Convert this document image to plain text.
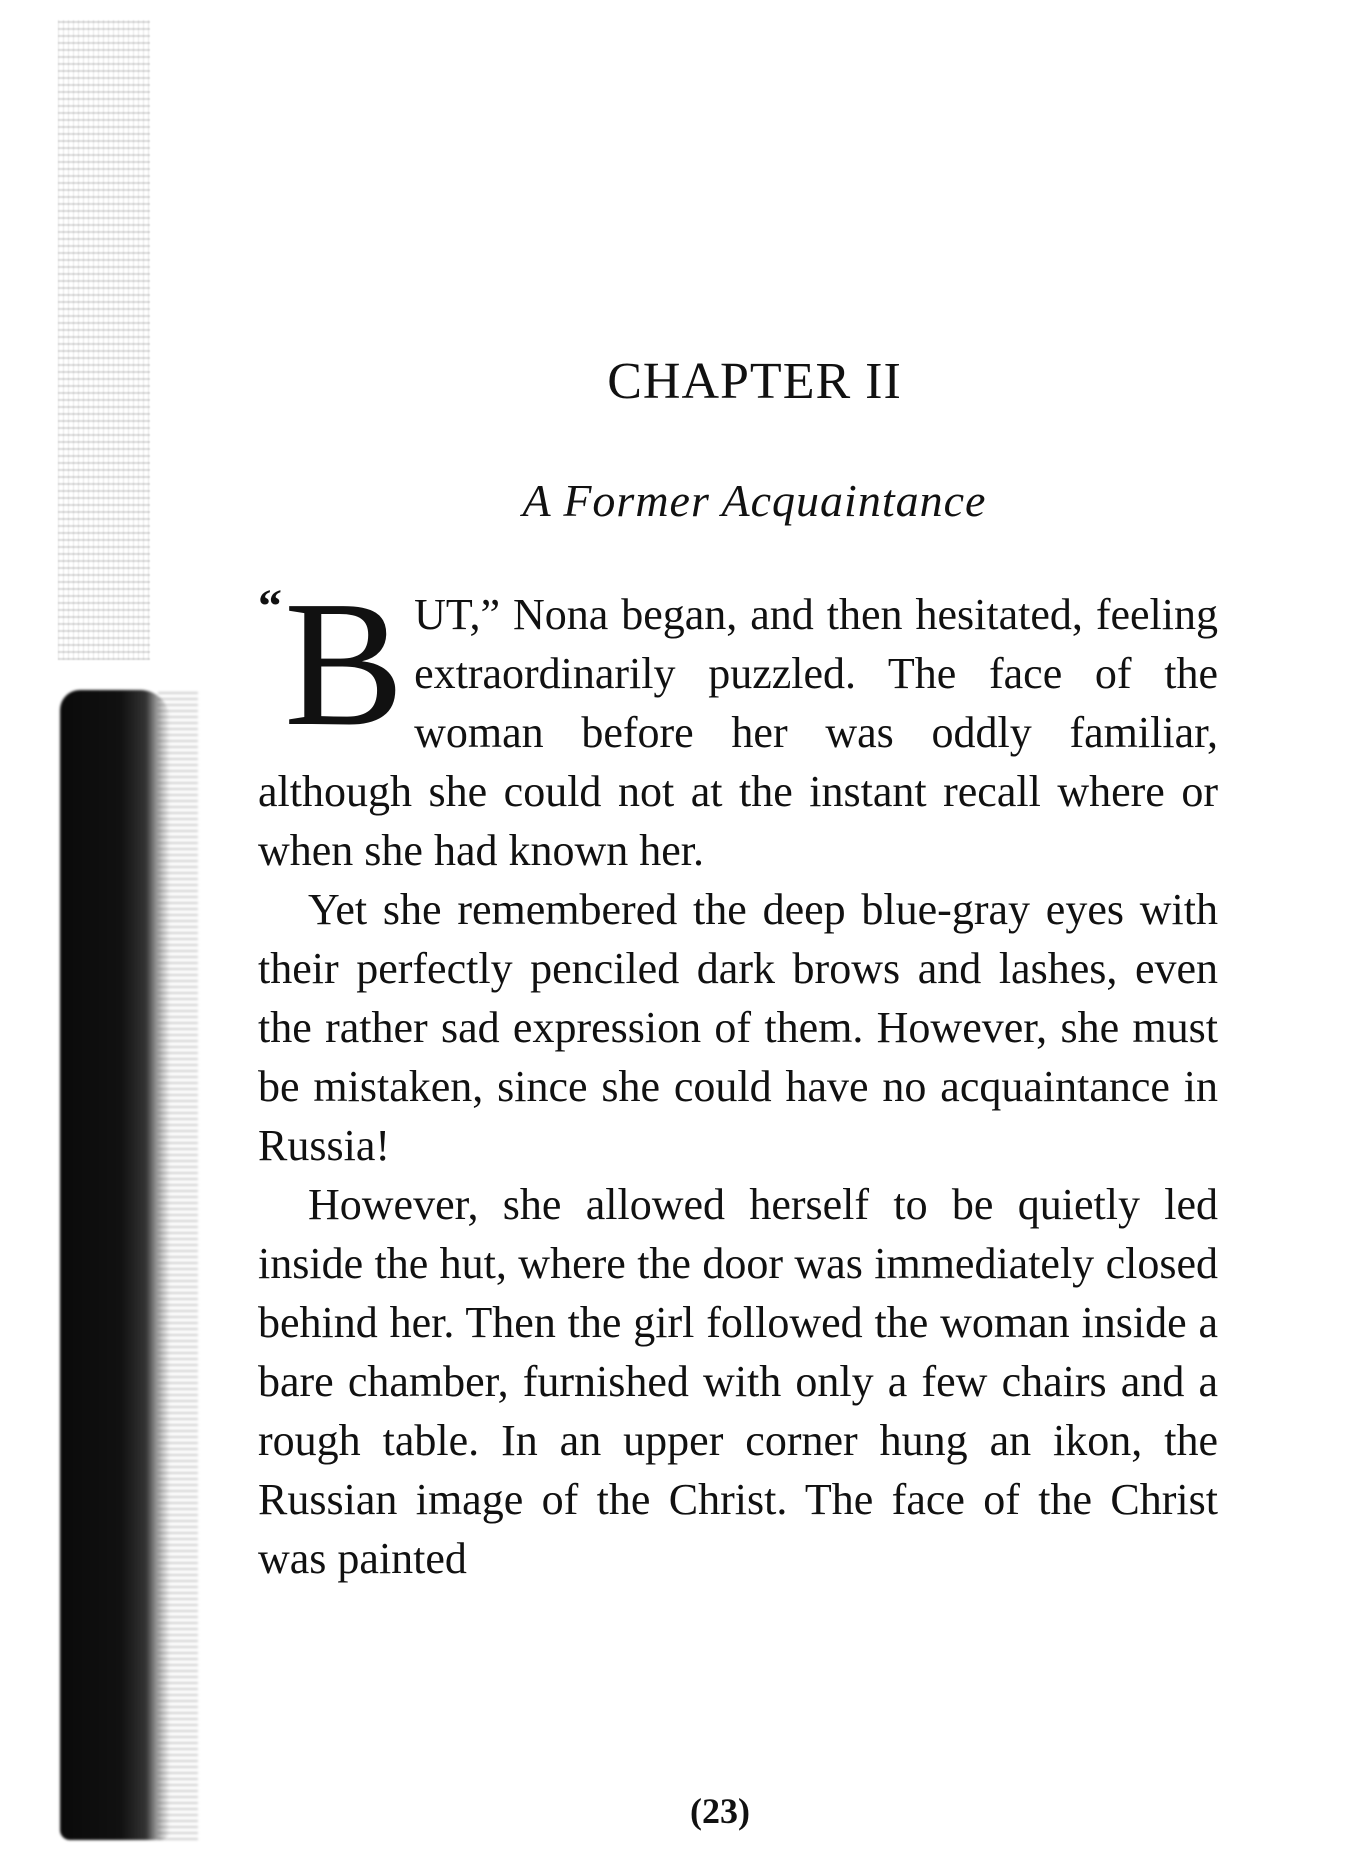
CHAPTER II
A Former Acquaintance

“ B UT,” Nona began, and then hesitated, feeling extraordinarily puzzled. The face of the woman before her was oddly familiar, although she could not at the instant recall where or when she had known her.

Yet she remembered the deep blue-gray eyes with their perfectly penciled dark brows and lashes, even the rather sad expression of them. However, she must be mistaken, since she could have no acquaintance in Russia!

However, she allowed herself to be quietly led inside the hut, where the door was immediately closed behind her. Then the girl followed the woman inside a bare chamber, furnished with only a few chairs and a rough table. In an upper corner hung an ikon, the Russian image of the Christ. The face of the Christ was painted

(23)
